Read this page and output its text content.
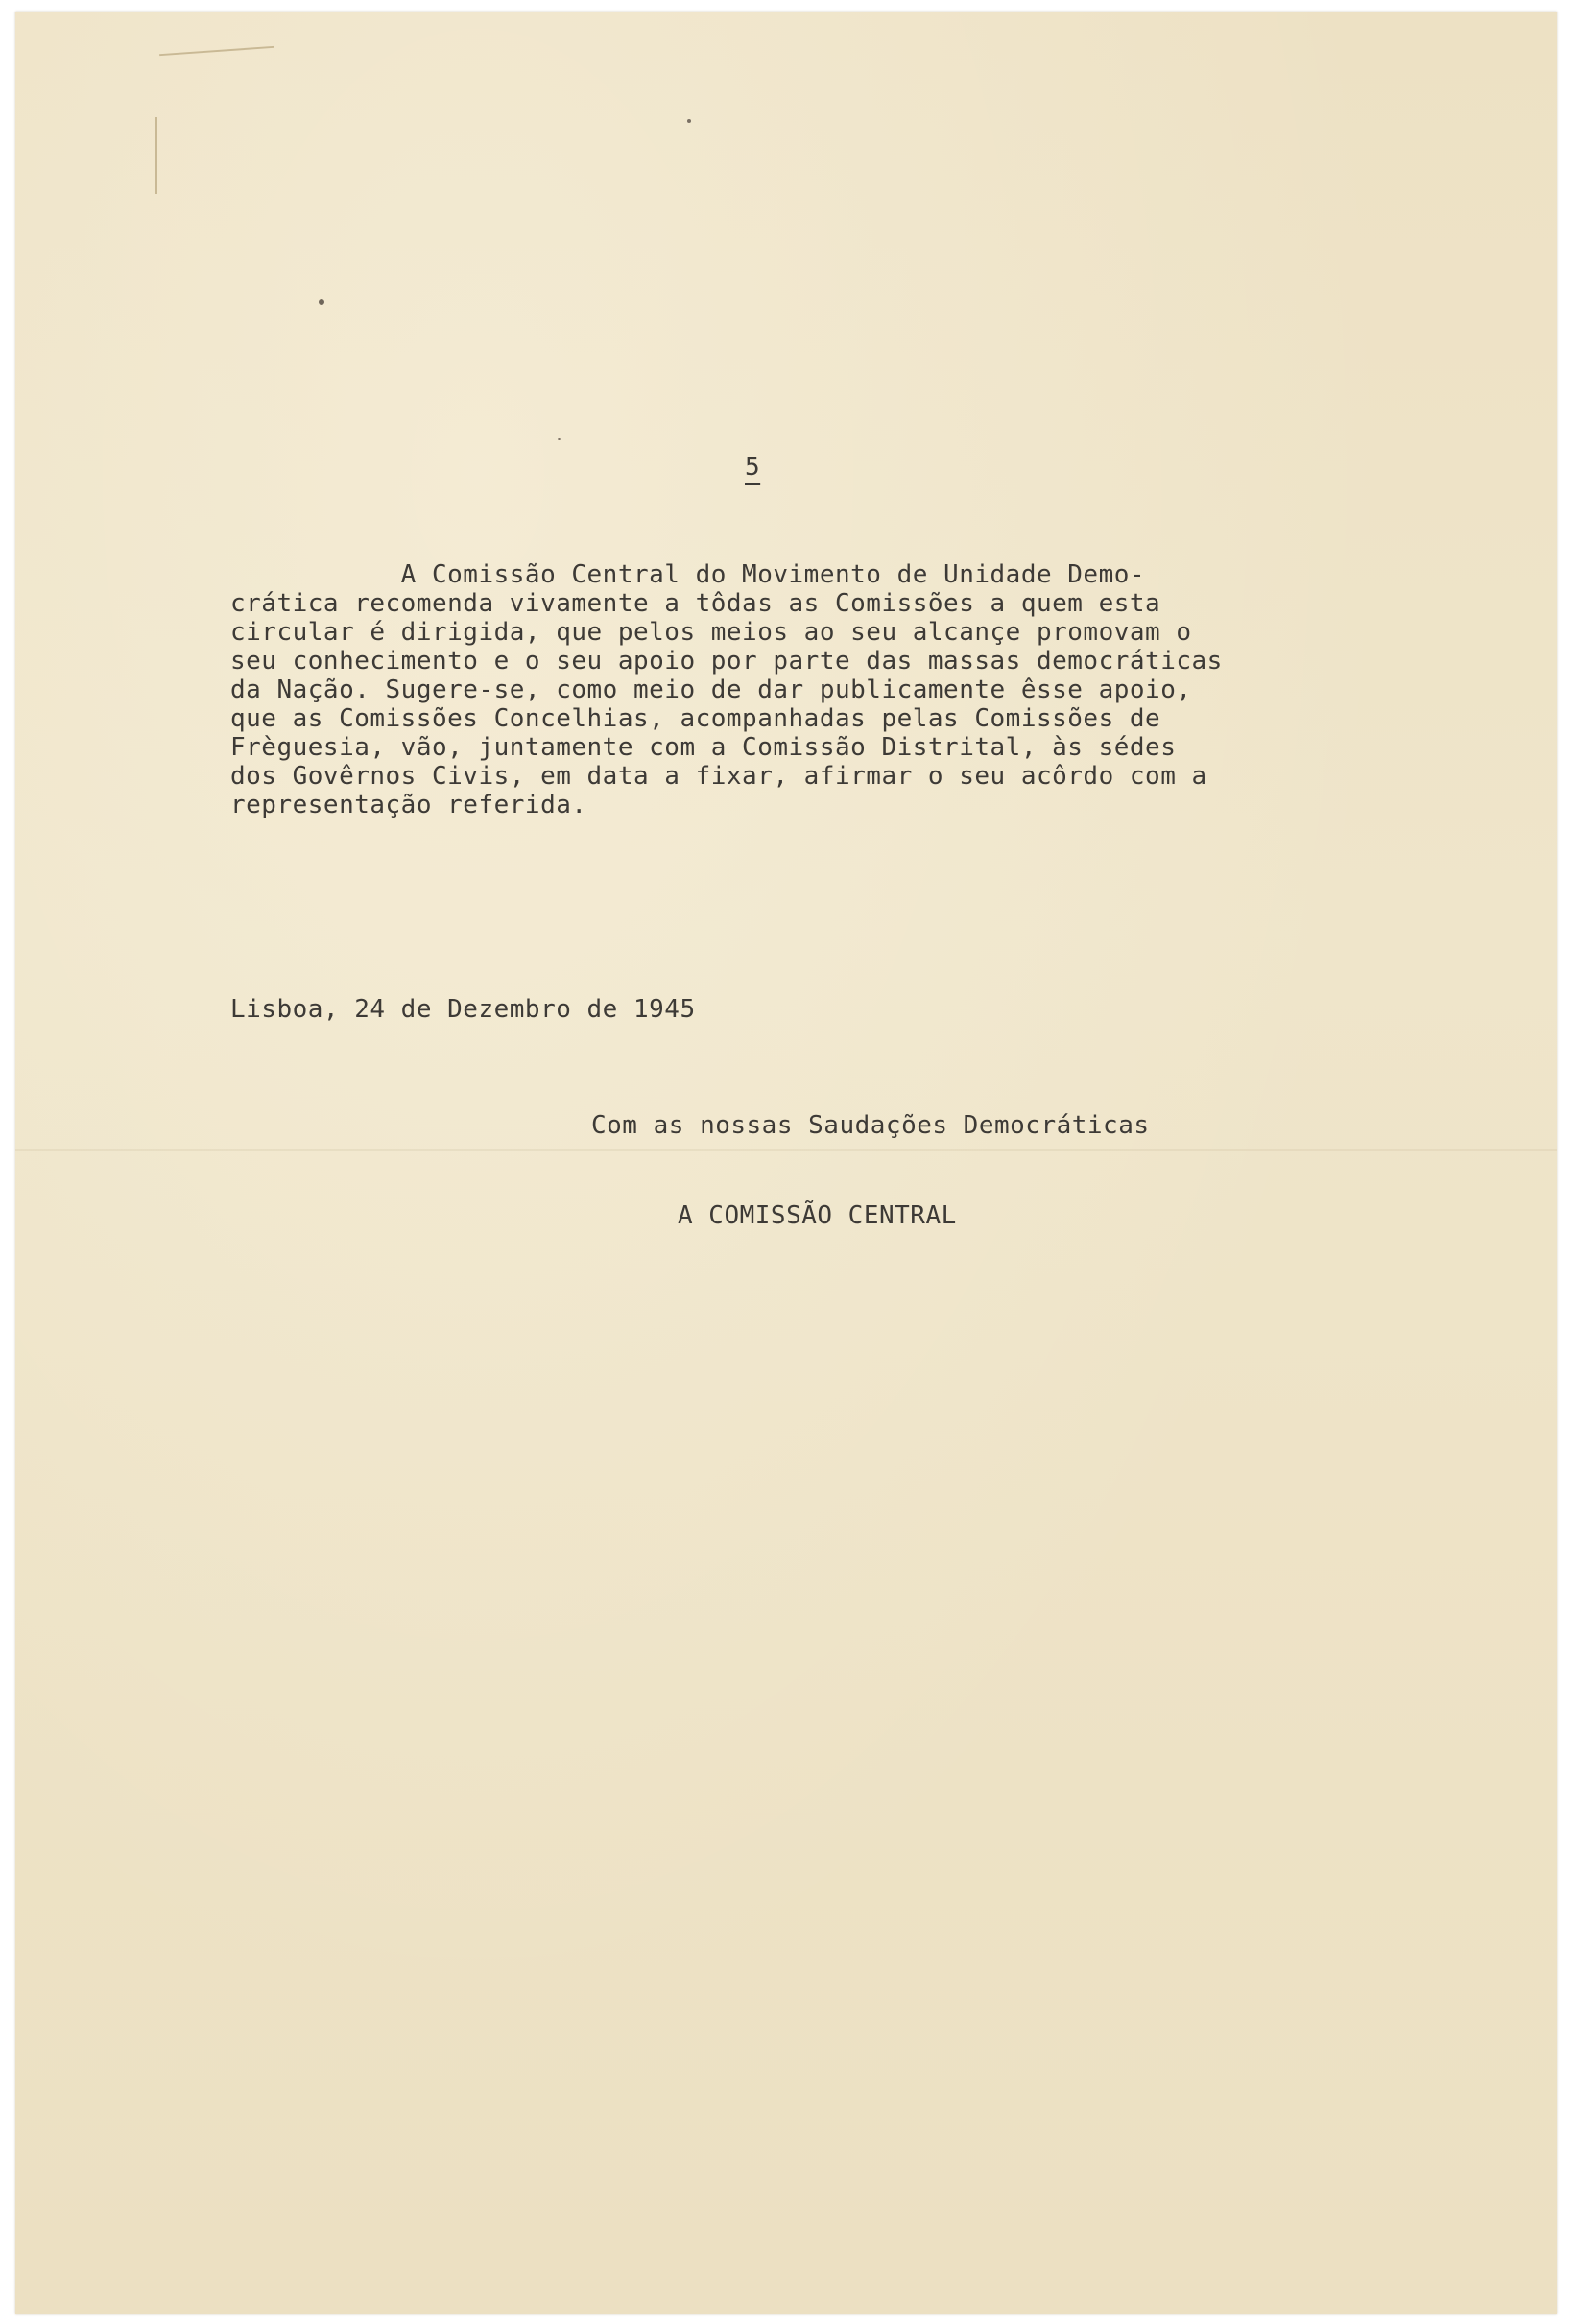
5
A Comissão Central do Movimento de Unidade Demo-
crática recomenda vivamente a tôdas as Comissões a quem esta
circular é dirigida, que pelos meios ao seu alcançe promovam o
seu conhecimento e o seu apoio por parte das massas democráticas
da Nação. Sugere-se, como meio de dar publicamente êsse apoio,
que as Comissões Concelhias, acompanhadas pelas Comissões de
Frèguesia, vão, juntamente com a Comissão Distrital, às sédes
dos Govêrnos Civis, em data a fixar, afirmar o seu acôrdo com a
representação referida.
Lisboa, 24 de Dezembro de 1945
Com as nossas Saudações Democráticas
A COMISSÃO CENTRAL
